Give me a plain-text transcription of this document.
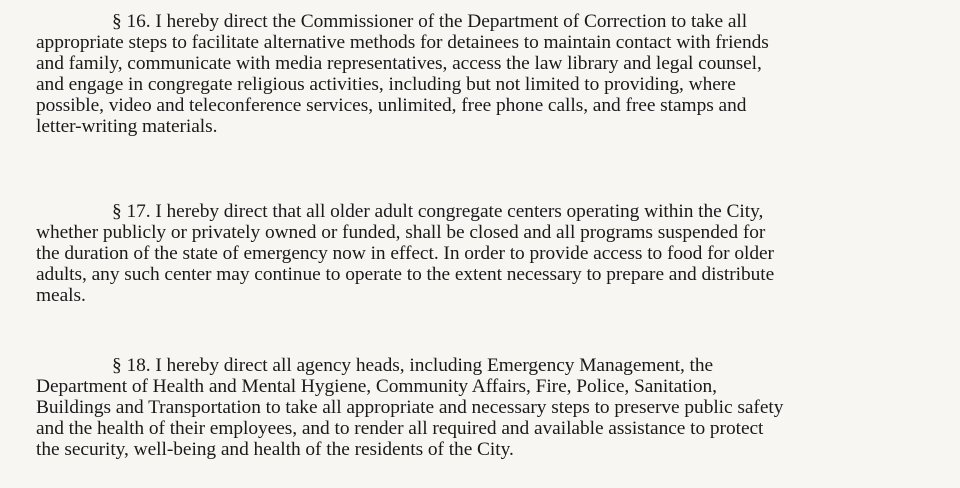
§ 16. I hereby direct the Commissioner of the Department of Correction to take all
appropriate steps to facilitate alternative methods for detainees to maintain contact with friends
and family, communicate with media representatives, access the law library and legal counsel,
and engage in congregate religious activities, including but not limited to providing, where
possible, video and teleconference services, unlimited, free phone calls, and free stamps and
letter-writing materials.

§ 17. I hereby direct that all older adult congregate centers operating within the City,
whether publicly or privately owned or funded, shall be closed and all programs suspended for
the duration of the state of emergency now in effect. In order to provide access to food for older
adults, any such center may continue to operate to the extent necessary to prepare and distribute
meals.

§ 18. I hereby direct all agency heads, including Emergency Management, the
Department of Health and Mental Hygiene, Community Affairs, Fire, Police, Sanitation,
Buildings and Transportation to take all appropriate and necessary steps to preserve public safety
and the health of their employees, and to render all required and available assistance to protect
the security, well-being and health of the residents of the City.
